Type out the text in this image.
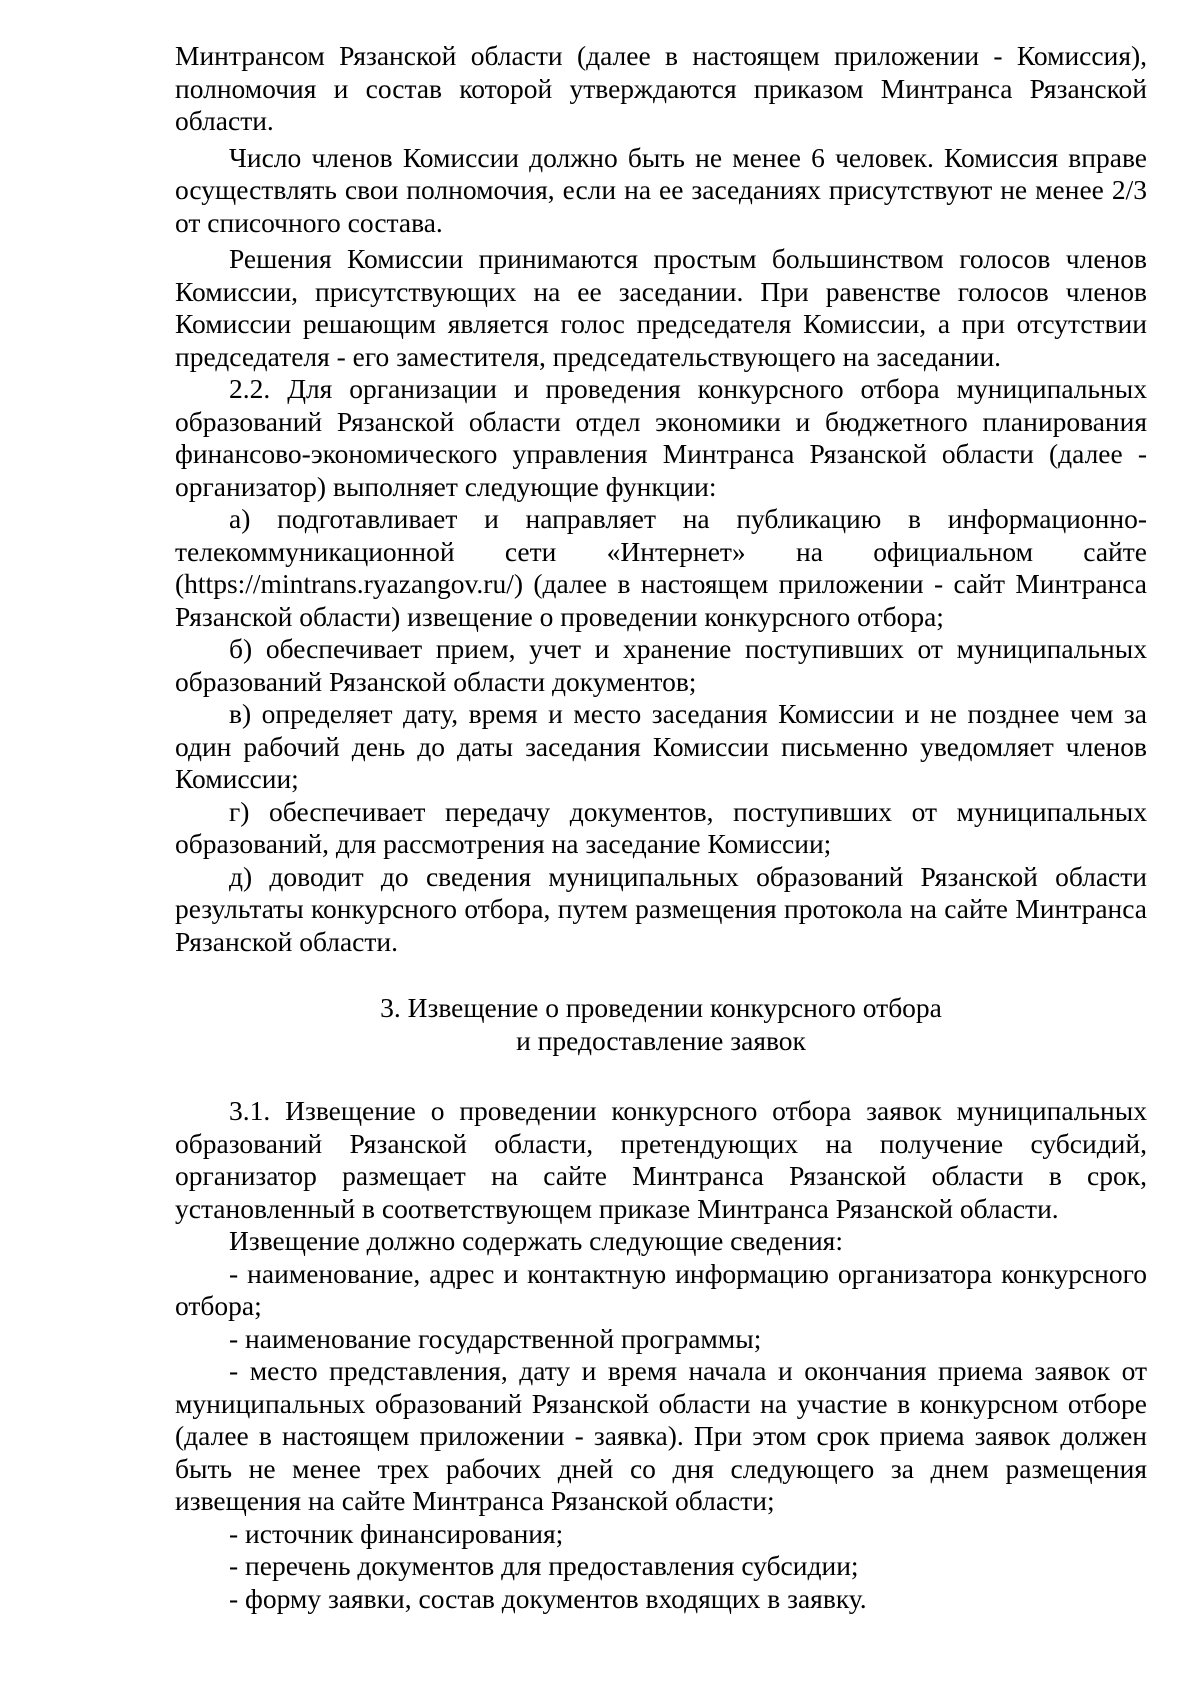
Минтрансом Рязанской области (далее в настоящем приложении - Комиссия), полномочия и состав которой утверждаются приказом Минтранса Рязанской области.

Число членов Комиссии должно быть не менее 6 человек. Комиссия вправе осуществлять свои полномочия, если на ее заседаниях присутствуют не менее 2/3 от списочного состава.

Решения Комиссии принимаются простым большинством голосов членов Комиссии, присутствующих на ее заседании. При равенстве голосов членов Комиссии решающим является голос председателя Комиссии, а при отсутствии председателя - его заместителя, председательствующего на заседании.

2.2. Для организации и проведения конкурсного отбора муниципальных образований Рязанской области отдел экономики и бюджетного планирования финансово-экономического управления Минтранса Рязанской области (далее - организатор) выполняет следующие функции:

а) подготавливает и направляет на публикацию в информационно-телекоммуникационной сети «Интернет» на официальном сайте (https://mintrans.ryazangov.ru/) (далее в настоящем приложении - сайт Минтранса Рязанской области) извещение о проведении конкурсного отбора;

б) обеспечивает прием, учет и хранение поступивших от муниципальных образований Рязанской области документов;

в) определяет дату, время и место заседания Комиссии и не позднее чем за один рабочий день до даты заседания Комиссии письменно уведомляет членов Комиссии;

г) обеспечивает передачу документов, поступивших от муниципальных образований, для рассмотрения на заседание Комиссии;

д) доводит до сведения муниципальных образований Рязанской области результаты конкурсного отбора, путем размещения протокола на сайте Минтранса Рязанской области.

3. Извещение о проведении конкурсного отбора
и предоставление заявок

3.1. Извещение о проведении конкурсного отбора заявок муниципальных образований Рязанской области, претендующих на получение субсидий, организатор размещает на сайте Минтранса Рязанской области в срок, установленный в соответствующем приказе Минтранса Рязанской области.

Извещение должно содержать следующие сведения:

- наименование, адрес и контактную информацию организатора конкурсного отбора;

- наименование государственной программы;

- место представления, дату и время начала и окончания приема заявок от муниципальных образований Рязанской области на участие в конкурсном отборе (далее в настоящем приложении - заявка). При этом срок приема заявок должен быть не менее трех рабочих дней со дня следующего за днем размещения извещения на сайте Минтранса Рязанской области;

- источник финансирования;

- перечень документов для предоставления субсидии;

- форму заявки, состав документов входящих в заявку.
